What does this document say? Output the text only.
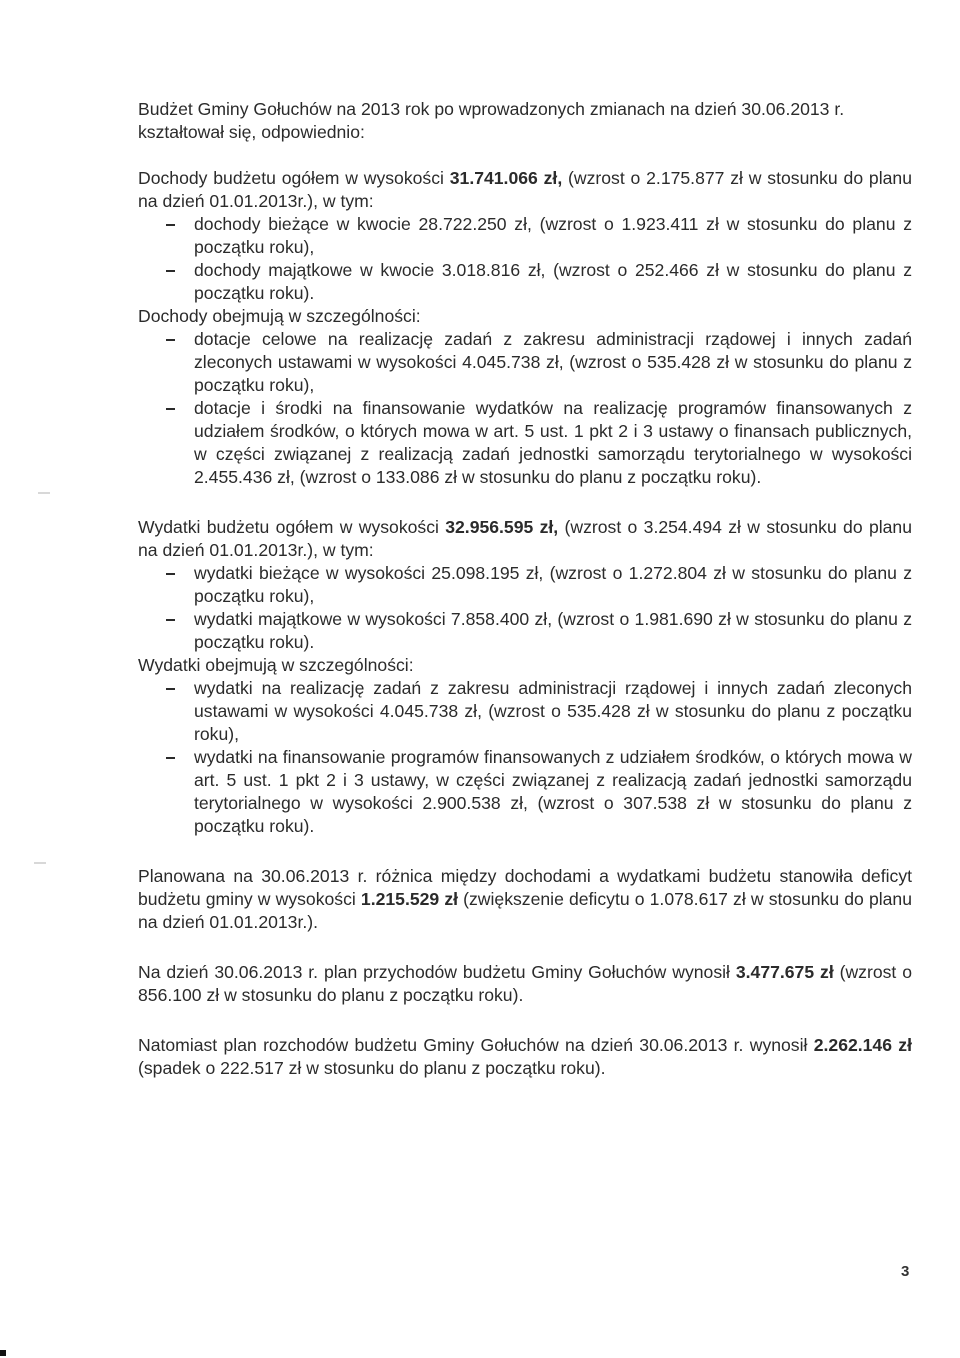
Budżet Gminy Gołuchów na 2013 rok po wprowadzonych zmianach na dzień 30.06.2013 r.
kształtował się, odpowiednio:

Dochody budżetu ogółem w wysokości 31.741.066 zł, (wzrost o 2.175.877 zł w stosunku do planu na dzień 01.01.2013r.), w tym:

dochody bieżące w kwocie 28.722.250 zł, (wzrost o 1.923.411 zł w stosunku do planu z początku roku),
dochody majątkowe w kwocie 3.018.816 zł, (wzrost o 252.466 zł w stosunku do planu z początku roku).

Dochody obejmują w szczególności:

dotacje celowe na realizację zadań z zakresu administracji rządowej i innych zadań zleconych ustawami w wysokości 4.045.738 zł, (wzrost o 535.428 zł w stosunku do planu z początku roku),
dotacje i środki na finansowanie wydatków na realizację programów finansowanych z udziałem środków, o których mowa w art. 5 ust. 1 pkt 2 i 3 ustawy o finansach publicznych, w części związanej z realizacją zadań jednostki samorządu terytorialnego w wysokości 2.455.436 zł, (wzrost o 133.086 zł w stosunku do planu z początku roku).

Wydatki budżetu ogółem w wysokości 32.956.595 zł, (wzrost o 3.254.494 zł w stosunku do planu na dzień 01.01.2013r.), w tym:

wydatki bieżące w wysokości 25.098.195 zł, (wzrost o 1.272.804 zł w stosunku do planu z początku roku),
wydatki majątkowe w wysokości 7.858.400 zł, (wzrost o 1.981.690 zł w stosunku do planu z początku roku).

Wydatki obejmują w szczególności:

wydatki na realizację zadań z zakresu administracji rządowej i innych zadań zleconych ustawami w wysokości 4.045.738 zł, (wzrost o 535.428 zł w stosunku do planu z początku roku),
wydatki na finansowanie programów finansowanych z udziałem środków, o których mowa w art. 5 ust. 1 pkt 2 i 3 ustawy, w części związanej z realizacją zadań jednostki samorządu terytorialnego w wysokości 2.900.538 zł, (wzrost o 307.538 zł w stosunku do planu z początku roku).

Planowana na 30.06.2013 r. różnica między dochodami a wydatkami budżetu stanowiła deficyt budżetu gminy w wysokości 1.215.529 zł (zwiększenie deficytu o 1.078.617 zł w stosunku do planu na dzień 01.01.2013r.).

Na dzień 30.06.2013 r. plan przychodów budżetu Gminy Gołuchów wynosił 3.477.675 zł (wzrost o 856.100 zł w stosunku do planu z początku roku).

Natomiast plan rozchodów budżetu Gminy Gołuchów na dzień 30.06.2013 r. wynosił 2.262.146 zł (spadek o 222.517 zł w stosunku do planu z początku roku).

3
